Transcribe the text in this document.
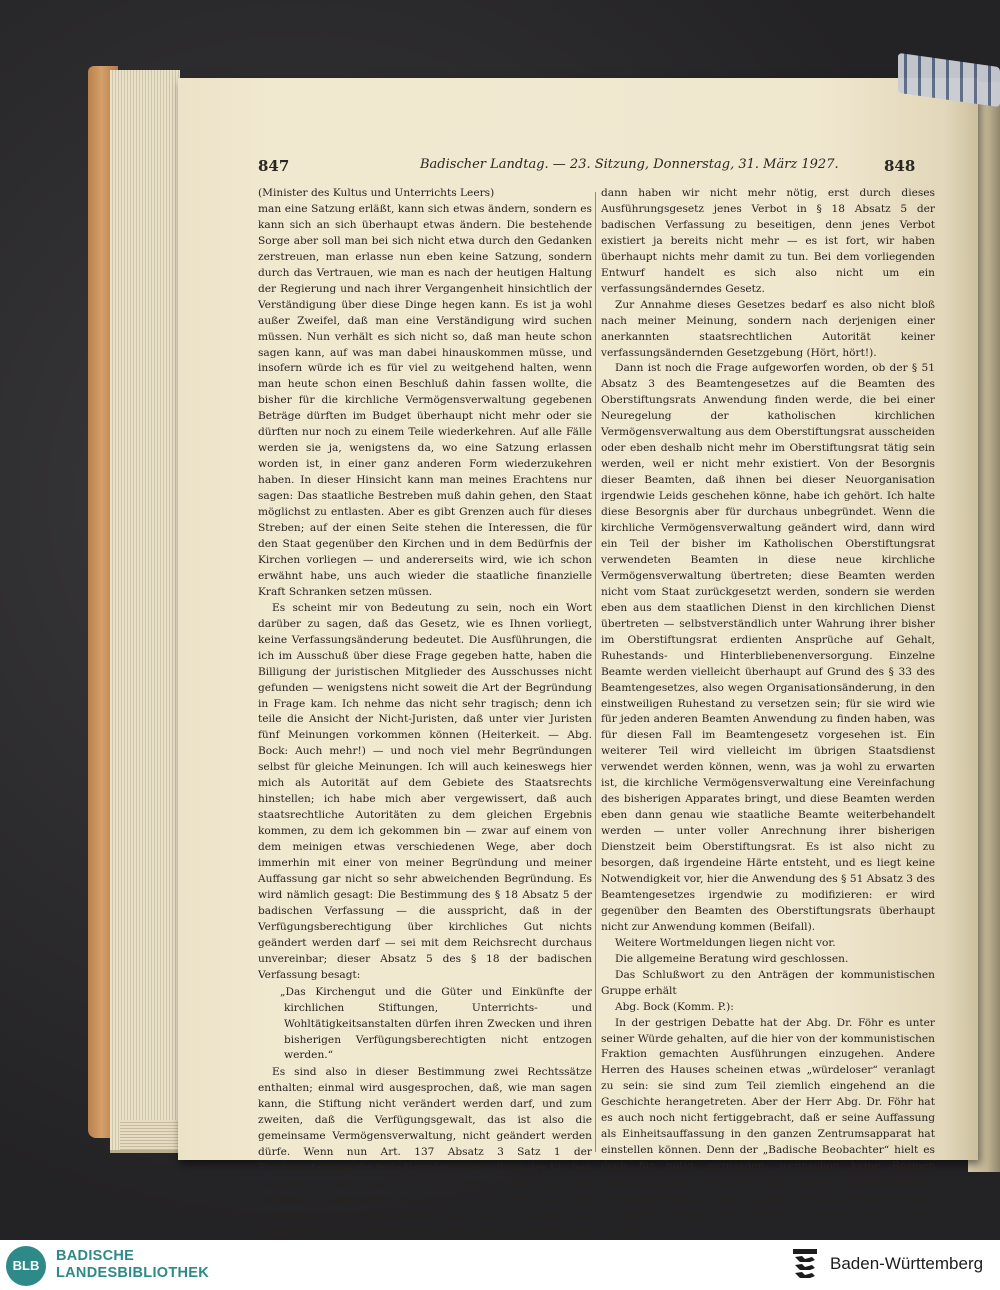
847	Badischer Landtag. — 23. Sitzung, Donnerstag, 31. März 1927.	848

(Minister des Kultus und Unterrichts Leers)

man eine Satzung erläßt, kann sich etwas ändern, sondern es kann sich an sich überhaupt etwas ändern. Die bestehende Sorge aber soll man bei sich nicht etwa durch den Gedanken zerstreuen, man erlasse nun eben keine Satzung, sondern durch das Vertrauen, wie man es nach der heutigen Haltung der Regierung und nach ihrer Vergangenheit hinsichtlich der Verständigung über diese Dinge hegen kann. Es ist ja wohl außer Zweifel, daß man eine Verständigung wird suchen müssen. Nun verhält es sich nicht so, daß man heute schon sagen kann, auf was man dabei hinauskommen müsse, und insofern würde ich es für viel zu weitgehend halten, wenn man heute schon einen Beschluß dahin fassen wollte, die bisher für die kirchliche Vermögensverwaltung gegebenen Beträge dürften im Budget überhaupt nicht mehr oder sie dürften nur noch zu einem Teile wiederkehren. Auf alle Fälle werden sie ja, wenigstens da, wo eine Satzung erlassen worden ist, in einer ganz anderen Form wiederzukehren haben. In dieser Hinsicht kann man meines Erachtens nur sagen: Das staatliche Bestreben muß dahin gehen, den Staat möglichst zu entlasten. Aber es gibt Grenzen auch für dieses Streben; auf der einen Seite stehen die Interessen, die für den Staat gegenüber den Kirchen und in dem Bedürfnis der Kirchen vorliegen — und andererseits wird, wie ich schon erwähnt habe, uns auch wieder die staatliche finanzielle Kraft Schranken setzen müssen.

Es scheint mir von Bedeutung zu sein, noch ein Wort darüber zu sagen, daß das Gesetz, wie es Ihnen vorliegt, keine Verfassungsänderung bedeutet. Die Ausführungen, die ich im Ausschuß über diese Frage gegeben hatte, haben die Billigung der juristischen Mitglieder des Ausschusses nicht gefunden — wenigstens nicht soweit die Art der Begründung in Frage kam. Ich nehme das nicht sehr tragisch; denn ich teile die Ansicht der Nicht-Juristen, daß unter vier Juristen fünf Meinungen vorkommen können (Heiterkeit. — Abg. Bock: Auch mehr!) — und noch viel mehr Begründungen selbst für gleiche Meinungen. Ich will auch keineswegs hier mich als Autorität auf dem Gebiete des Staatsrechts hinstellen; ich habe mich aber vergewissert, daß auch staatsrechtliche Autoritäten zu dem gleichen Ergebnis kommen, zu dem ich gekommen bin — zwar auf einem von dem meinigen etwas verschiedenen Wege, aber doch immerhin mit einer von meiner Begründung und meiner Auffassung gar nicht so sehr abweichenden Begründung. Es wird nämlich gesagt: Die Bestimmung des § 18 Absatz 5 der badischen Verfassung — die ausspricht, daß in der Verfügungsberechtigung über kirchliches Gut nichts geändert werden darf — sei mit dem Reichsrecht durchaus unvereinbar; dieser Absatz 5 des § 18 der badischen Verfassung besagt:

„Das Kirchengut und die Güter und Einkünfte der kirchlichen Stiftungen, Unterrichts- und Wohltätigkeitsanstalten dürfen ihren Zwecken und ihren bisherigen Verfügungsberechtigten nicht entzogen werden.“

Es sind also in dieser Bestimmung zwei Rechtssätze enthalten; einmal wird ausgesprochen, daß, wie man sagen kann, die Stiftung nicht verändert werden darf, und zum zweiten, daß die Verfügungsgewalt, das ist also die gemeinsame Vermögensverwaltung, nicht geändert werden dürfe. Wenn nun Art. 137 Absatz 3 Satz 1 der Reichsverfassung die freie Vermögensverwaltung der Kirchen festsetzt, so ist dieses in § 18 Absatz 5 der badischen Verfassung ausgesprochene Verbot — das Verbot, an der gemeinsamen Vermögensverwaltung etwas zu ändern — aufgehoben: kraft Reichsrecht existiert dieses Verbot nicht

dann haben wir nicht mehr nötig, erst durch dieses Ausführungsgesetz jenes Verbot in § 18 Absatz 5 der badischen Verfassung zu beseitigen, denn jenes Verbot existiert ja bereits nicht mehr — es ist fort, wir haben überhaupt nichts mehr damit zu tun. Bei dem vorliegenden Entwurf handelt es sich also nicht um ein verfassungsänderndes Gesetz.

Zur Annahme dieses Gesetzes bedarf es also nicht bloß nach meiner Meinung, sondern nach derjenigen einer anerkannten staatsrechtlichen Autorität keiner verfassungsändernden Gesetzgebung (Hört, hört!).

Dann ist noch die Frage aufgeworfen worden, ob der § 51 Absatz 3 des Beamtengesetzes auf die Beamten des Oberstiftungsrats Anwendung finden werde, die bei einer Neuregelung der katholischen kirchlichen Vermögensverwaltung aus dem Oberstiftungsrat ausscheiden oder eben deshalb nicht mehr im Oberstiftungsrat tätig sein werden, weil er nicht mehr existiert. Von der Besorgnis dieser Beamten, daß ihnen bei dieser Neuorganisation irgendwie Leids geschehen könne, habe ich gehört. Ich halte diese Besorgnis aber für durchaus unbegründet. Wenn die kirchliche Vermögensverwaltung geändert wird, dann wird ein Teil der bisher im Katholischen Oberstiftungsrat verwendeten Beamten in diese neue kirchliche Vermögensverwaltung übertreten; diese Beamten werden nicht vom Staat zurückgesetzt werden, sondern sie werden eben aus dem staatlichen Dienst in den kirchlichen Dienst übertreten — selbstverständlich unter Wahrung ihrer bisher im Oberstiftungsrat erdienten Ansprüche auf Gehalt, Ruhestands- und Hinterbliebenenversorgung. Einzelne Beamte werden vielleicht überhaupt auf Grund des § 33 des Beamtengesetzes, also wegen Organisationsänderung, in den einstweiligen Ruhestand zu versetzen sein; für sie wird wie für jeden anderen Beamten Anwendung zu finden haben, was für diesen Fall im Beamtengesetz vorgesehen ist. Ein weiterer Teil wird vielleicht im übrigen Staatsdienst verwendet werden können, wenn, was ja wohl zu erwarten ist, die kirchliche Vermögensverwaltung eine Vereinfachung des bisherigen Apparates bringt, und diese Beamten werden eben dann genau wie staatliche Beamte weiterbehandelt werden — unter voller Anrechnung ihrer bisherigen Dienstzeit beim Oberstiftungsrat. Es ist also nicht zu besorgen, daß irgendeine Härte entsteht, und es liegt keine Notwendigkeit vor, hier die Anwendung des § 51 Absatz 3 des Beamtengesetzes irgendwie zu modifizieren: er wird gegenüber den Beamten des Oberstiftungsrats überhaupt nicht zur Anwendung kommen (Beifall).

Weitere Wortmeldungen liegen nicht vor.

Die allgemeine Beratung wird geschlossen.

Das Schlußwort zu den Anträgen der kommunistischen Gruppe erhält

Abg. Bock (Komm. P.):

In der gestrigen Debatte hat der Abg. Dr. Föhr es unter seiner Würde gehalten, auf die hier von der kommunistischen Fraktion gemachten Ausführungen einzugehen. Andere Herren des Hauses scheinen etwas „würdeloser“ veranlagt zu sein: sie sind zum Teil ziemlich eingehend an die Geschichte herangetreten. Aber der Herr Abg. Dr. Föhr hat es auch noch nicht fertiggebracht, daß er seine Auffassung als Einheitsauffassung in den ganzen Zentrumsapparat hat einstellen können. Denn der „Badische Beobachter“ hielt es doch für nötig, sozusagen, wennschon keine Rosinen herauszufuchsen, so doch einige Rosinen gewissermaßen hineinzubringen. Ich greife davon eine Stelle heraus — es ist die heutige Nummer des „Badischen Beobachters“ —, worin es heißt:

BLB
BADISCHE
LANDESBIBLIOTHEK	Baden-Württemberg
